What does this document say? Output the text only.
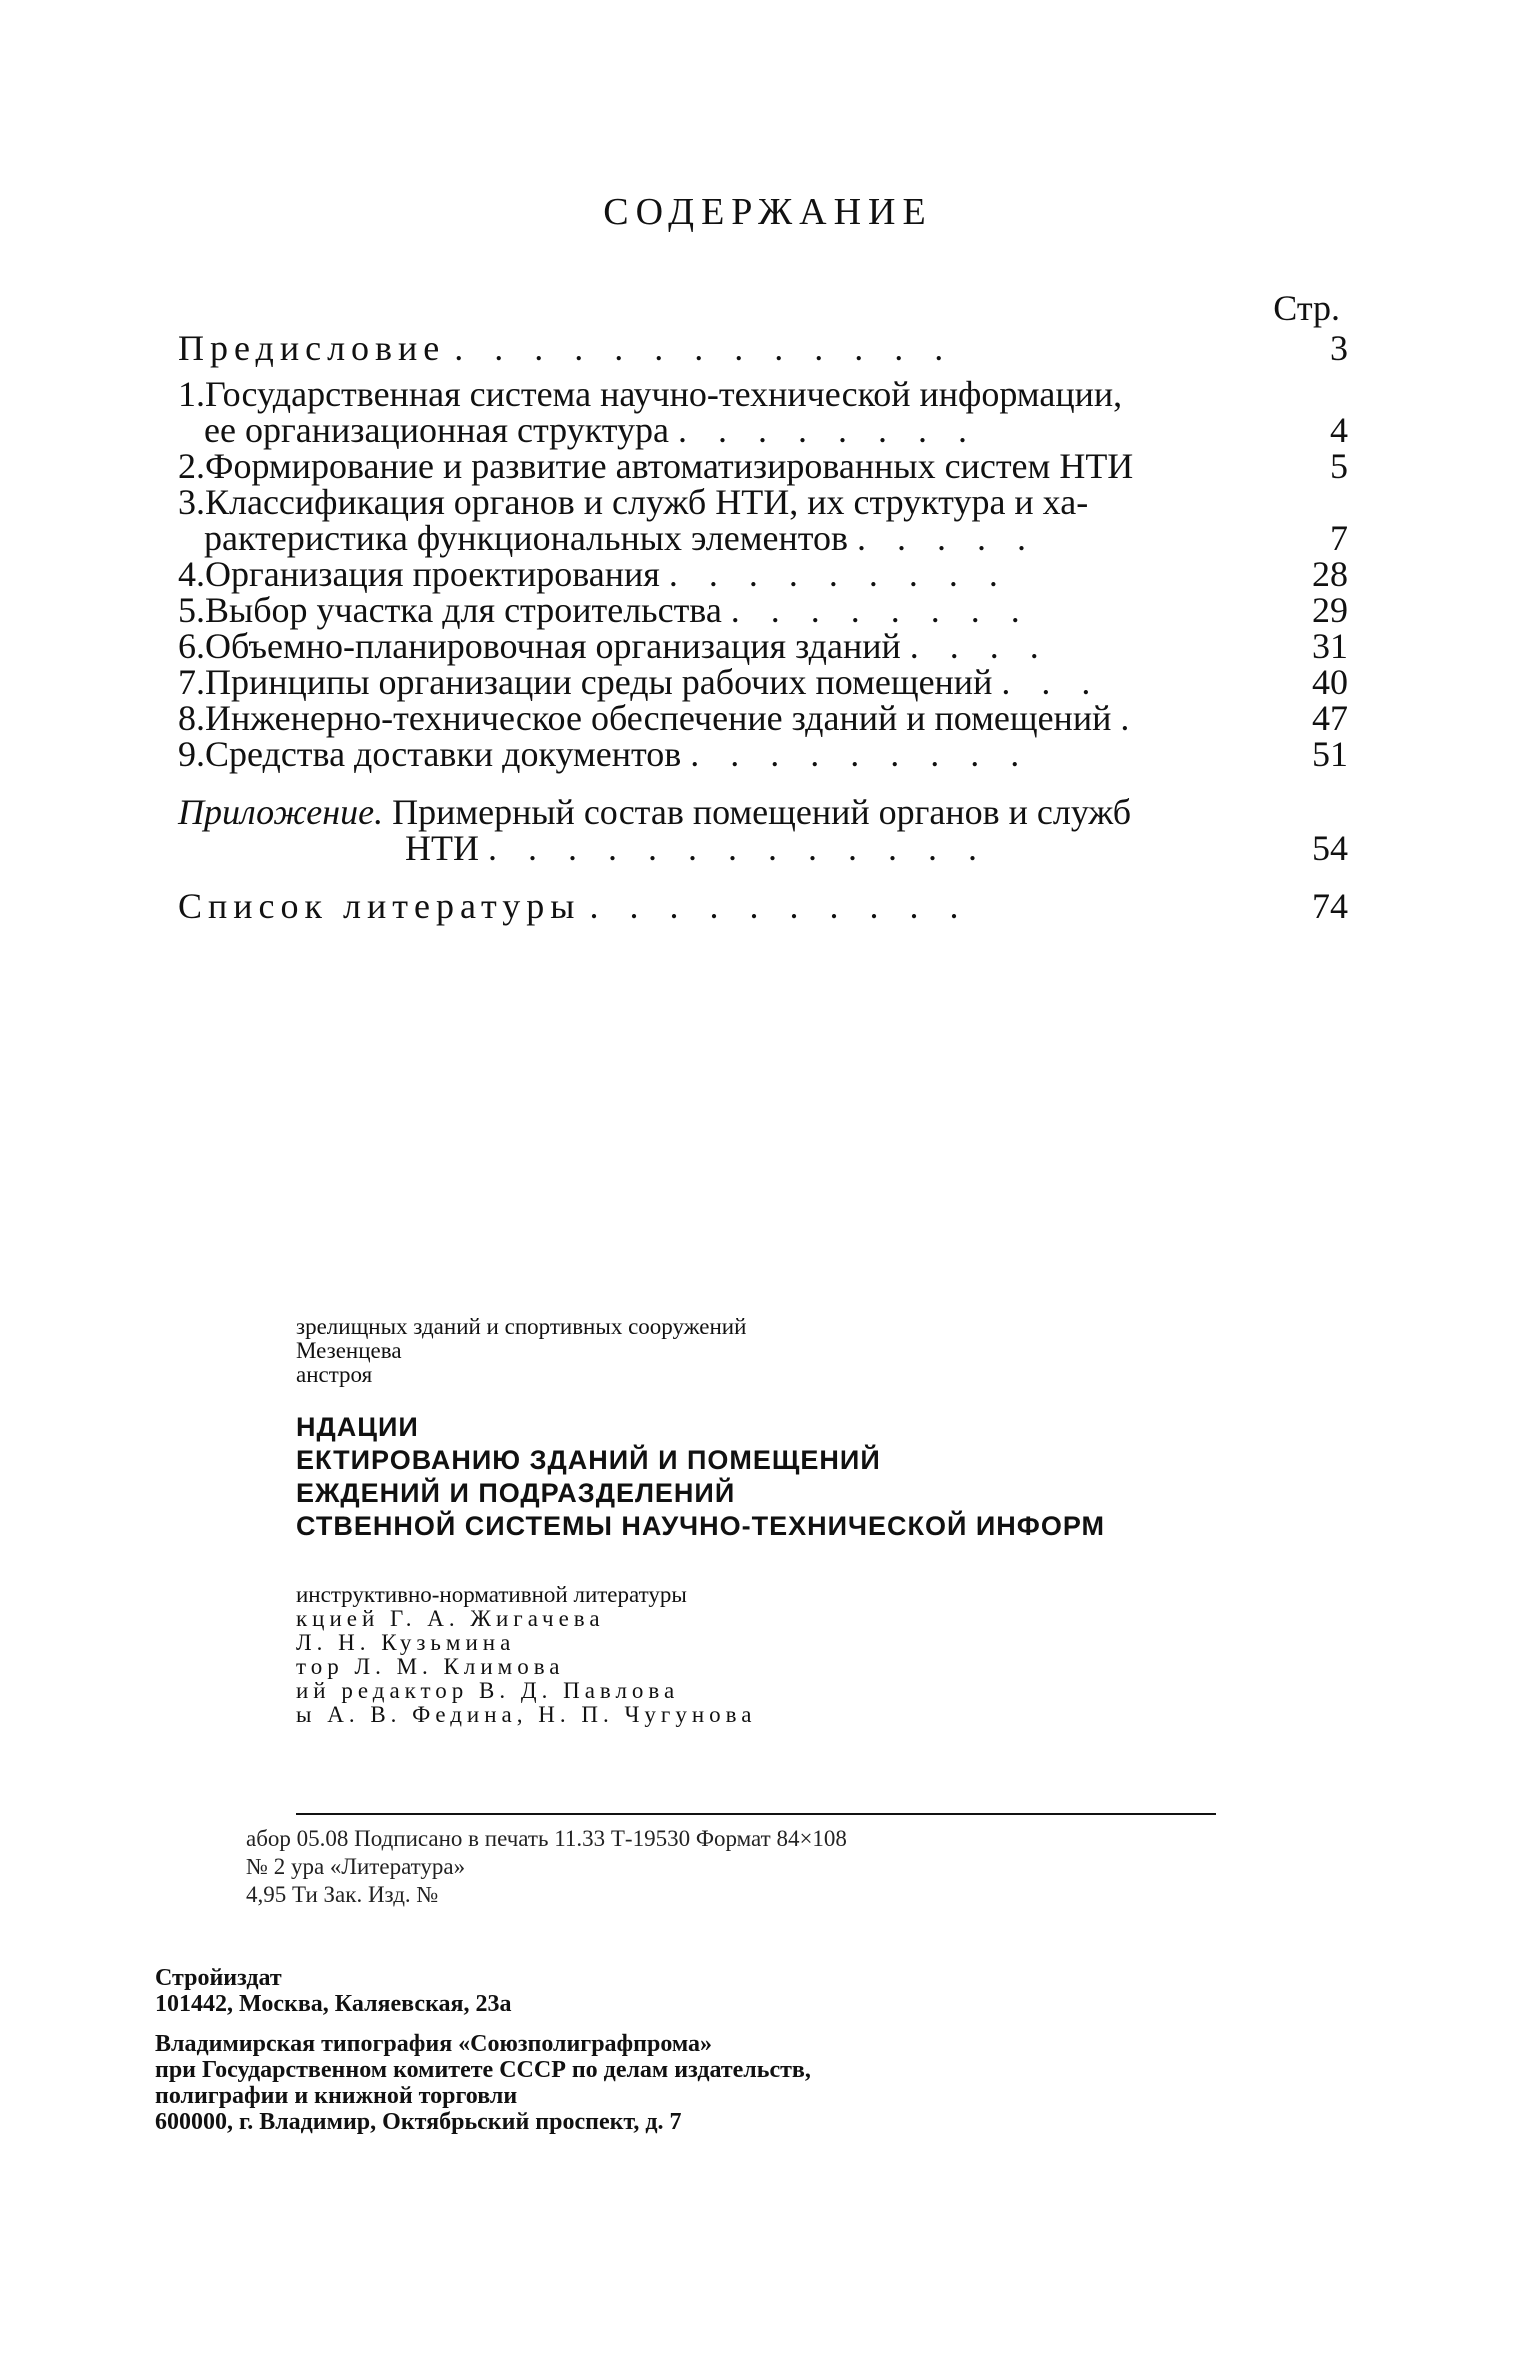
СОДЕРЖАНИЕ
Стр.
Предисловие . . . . . . . . . . . . .	3
1.Государственная система научно-технической информации,
ее организационная структура . . . . . . . .	4
2.Формирование и развитие автоматизированных систем НТИ	5
3.Классификация органов и служб НТИ, их структура и ха-
рактеристика функциональных элементов . . . . .	7
4.Организация проектирования . . . . . . . . .	28
5.Выбор участка для строительства . . . . . . . .	29
6.Объемно-планировочная организация зданий . . . .	31
7.Принципы организации среды рабочих помещений . . .	40
8.Инженерно-техническое обеспечение зданий и помещений .	47
9.Средства доставки документов . . . . . . . . .	51
Приложение. Примерный состав помещений органов и служб
НТИ . . . . . . . . . . . . .	54
Список литературы . . . . . . . . . .	74
зрелищных зданий и спортивных сооружений
Мезенцева
анстроя
НДАЦИИ
ЕКТИРОВАНИЮ ЗДАНИЙ И ПОМЕЩЕНИЙ
ЕЖДЕНИЙ И ПОДРАЗДЕЛЕНИЙ
СТВЕННОЙ СИСТЕМЫ НАУЧНО-ТЕХНИЧЕСКОЙ ИНФОРМ
инструктивно-нормативной литературы
кцией Г. А. Жигачева
Л. Н. Кузьмина
тор Л. М. Климова
ий редактор В. Д. Павлова
ы А. В. Федина, Н. П. Чугунова
абор 05.08 Подписано в печать 11.33 Т-19530 Формат 84×108
№ 2 ура «Литература»
4,95 Ти Зак. Изд. №

Стройиздат

101442, Москва, Каляевская, 23а

Владимирская типография «Союзполиграфпрома»

при Государственном комитете СССР по делам издательств,

полиграфии и книжной торговли

600000, г. Владимир, Октябрьский проспект, д. 7
